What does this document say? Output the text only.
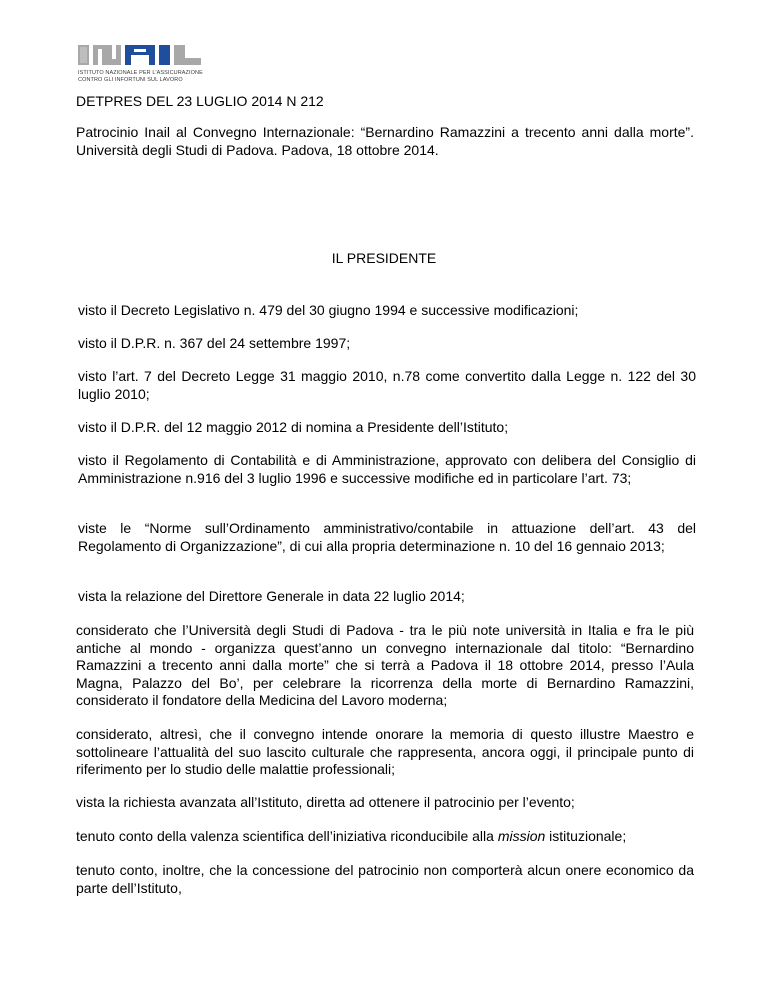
ISTITUTO NAZIONALE PER L'ASSICURAZIONE
CONTRO GLI INFORTUNI SUL LAVORO
DETPRES DEL 23 LUGLIO 2014 N 212
Patrocinio Inail al Convegno Internazionale: “Bernardino Ramazzini a trecento anni dalla morte”. Università degli Studi di Padova. Padova, 18 ottobre 2014.
IL PRESIDENTE
visto il Decreto Legislativo n. 479 del 30 giugno 1994 e successive modificazioni;
visto il D.P.R. n. 367 del 24 settembre 1997;
visto l’art. 7 del Decreto Legge 31 maggio 2010, n.78 come convertito dalla Legge n. 122 del 30 luglio 2010;
visto il D.P.R. del 12 maggio 2012 di nomina a Presidente dell’Istituto;
visto il Regolamento di Contabilità e di Amministrazione, approvato con delibera del Consiglio di Amministrazione n.916 del 3 luglio 1996 e successive modifiche ed in particolare l’art. 73;
viste le “Norme sull’Ordinamento amministrativo/contabile in attuazione dell’art. 43 del Regolamento di Organizzazione”, di cui alla propria determinazione n. 10 del 16 gennaio 2013;
vista la relazione del Direttore Generale in data 22 luglio 2014;
considerato che l’Università degli Studi di Padova - tra le più note università in Italia e fra le più antiche al mondo - organizza quest’anno un convegno internazionale dal titolo: “Bernardino Ramazzini a trecento anni dalla morte” che si terrà a Padova il 18 ottobre 2014, presso l’Aula Magna, Palazzo del Bo’, per celebrare la ricorrenza della morte di Bernardino Ramazzini, considerato il fondatore della Medicina del Lavoro moderna;
considerato, altresì, che il convegno intende onorare la memoria di questo illustre Maestro e sottolineare l’attualità del suo lascito culturale che rappresenta, ancora oggi, il principale punto di riferimento per lo studio delle malattie professionali;
vista la richiesta avanzata all’Istituto, diretta ad ottenere il patrocinio per l’evento;
tenuto conto della valenza scientifica dell’iniziativa riconducibile alla mission istituzionale;
tenuto conto, inoltre, che la concessione del patrocinio non comporterà alcun onere economico da parte dell’Istituto,
